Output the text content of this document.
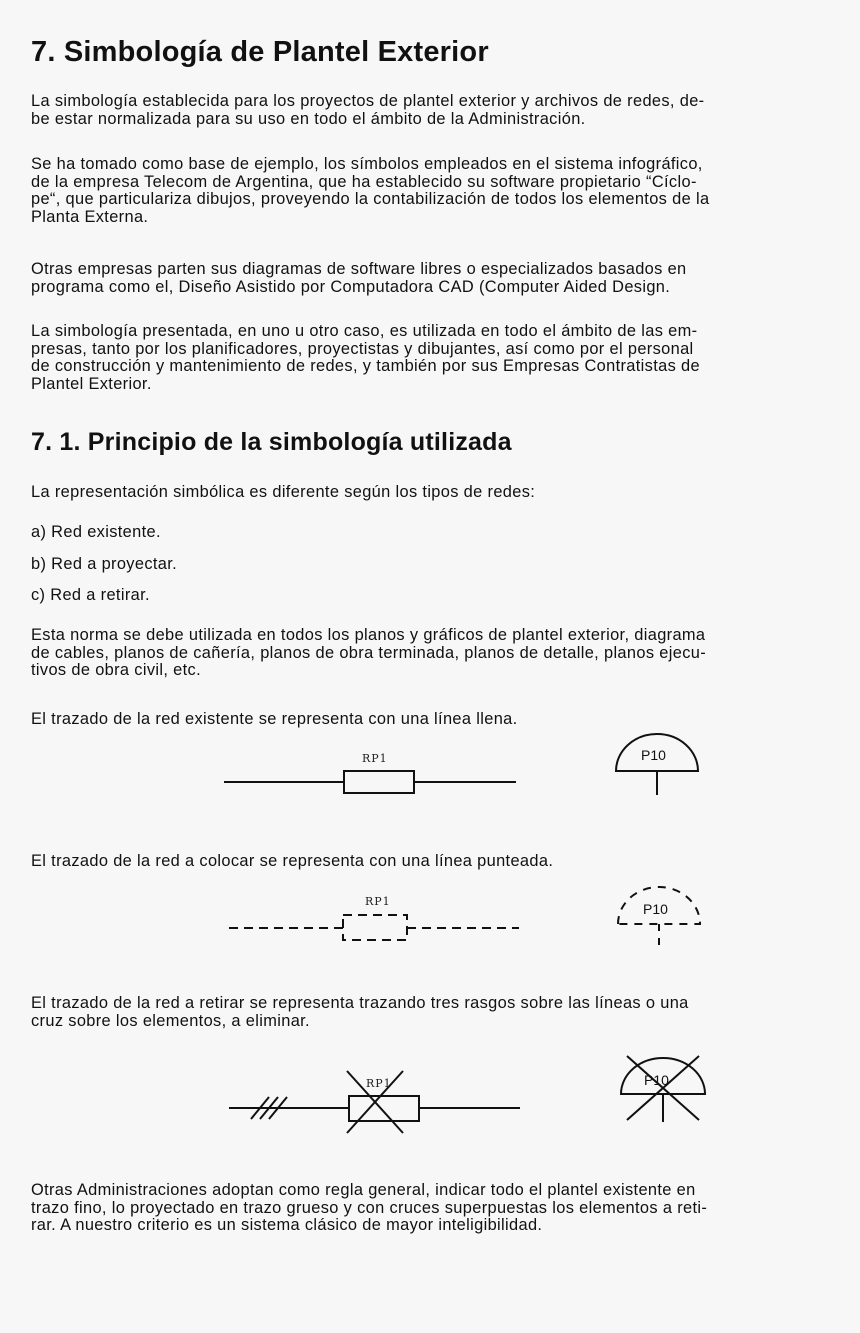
7. Simbología de Plantel Exterior

La simbología establecida para los proyectos de plantel exterior y archivos de redes, de-
be estar normalizada para su uso en todo el ámbito de la Administración.

Se ha tomado como base de ejemplo, los símbolos empleados en el sistema infográfico,
de la empresa Telecom de Argentina, que ha establecido su software propietario “Cíclo-
pe“, que particulariza dibujos, proveyendo la contabilización de todos los elementos de la
Planta Externa.

Otras empresas parten sus diagramas de software libres o especializados basados en
programa como el, Diseño Asistido por Computadora CAD (Computer Aided Design.

La simbología presentada, en uno u otro caso, es utilizada en todo el ámbito de las em-
presas, tanto por los planificadores, proyectistas y dibujantes, así como por el personal
de construcción y mantenimiento de redes, y también por sus Empresas Contratistas de
Plantel Exterior.

7. 1. Principio de la simbología utilizada

La representación simbólica es diferente según los tipos de redes:

a) Red existente.

b) Red a proyectar.

c) Red a retirar.

Esta norma se debe utilizada en todos los planos y gráficos de plantel exterior, diagrama
de cables, planos de cañería, planos de obra terminada, planos de detalle, planos ejecu-
tivos de obra civil, etc.

El trazado de la red existente se representa con una línea llena.

El trazado de la red a colocar se representa con una línea punteada.

El trazado de la red a retirar se representa trazando tres rasgos sobre las líneas o una
cruz sobre los elementos, a eliminar.

Otras Administraciones adoptan como regla general, indicar todo el plantel existente en
trazo fino, lo proyectado en trazo grueso y con cruces superpuestas los elementos a reti-
rar. A nuestro criterio es un sistema clásico de mayor inteligibilidad.

RP1	P10
RP1	P10
RP1	P10
